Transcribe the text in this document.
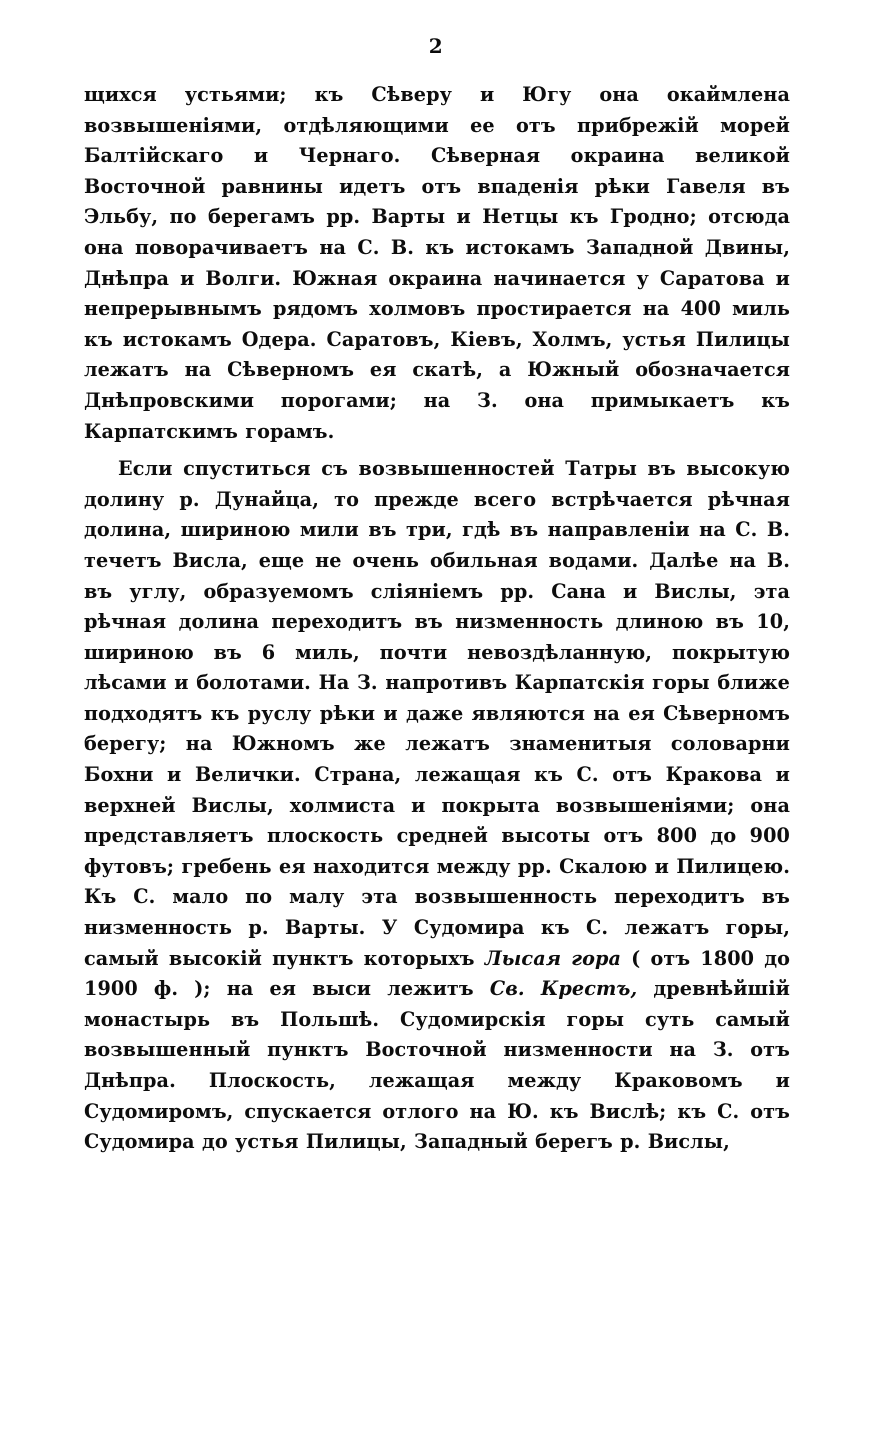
2

щихся устьями; къ Сѣверу и Югу она окаймлена возвышеніями, отдѣляющими ее отъ прибрежій морей Балтійскаго и Чернаго. Сѣверная окраина великой Восточной равнины идетъ отъ впаденія рѣки Гавеля въ Эльбу, по берегамъ рр. Варты и Нетцы къ Гродно; отсюда она поворачиваетъ на С. В. къ истокамъ Западной Двины, Днѣпра и Волги. Южная окраина начинается у Саратова и непрерывнымъ рядомъ холмовъ простирается на 400 миль къ истокамъ Одера. Саратовъ, Кіевъ, Холмъ, устья Пилицы лежатъ на Сѣверномъ ея скатѣ, а Южный обозначается Днѣпровскими порогами; на З. она примыкаетъ къ Карпатскимъ горамъ.

Если спуститься съ возвышенностей Татры въ высокую долину р. Дунайца, то прежде всего встрѣчается рѣчная долина, шириною мили въ три, гдѣ въ направленіи на С. В. течетъ Висла, еще не очень обильная водами. Далѣе на В. въ углу, образуемомъ сліяніемъ рр. Сана и Вислы, эта рѣчная долина переходитъ въ низменность длиною въ 10, шириною въ 6 миль, почти невоздѣланную, покрытую лѣсами и болотами. На З. напротивъ Карпатскія горы ближе подходятъ къ руслу рѣки и даже являются на ея Сѣверномъ берегу; на Южномъ же лежатъ знаменитыя соловарни Бохни и Велички. Страна, лежащая къ С. отъ Кракова и верхней Вислы, холмиста и покрыта возвышеніями; она представляетъ плоскость средней высоты отъ 800 до 900 футовъ; гребень ея находится между рр. Скалою и Пилицею. Къ С. мало по малу эта возвышенность переходитъ въ низменность р. Варты. У Судомира къ С. лежатъ горы, самый высокій пунктъ которыхъ Лысая гора ( отъ 1800 до 1900 ф. ); на ея выси лежитъ Св. Крестъ, древнѣйшій монастырь въ Польшѣ. Судомирскія горы суть самый возвышенный пунктъ Восточной низменности на З. отъ Днѣпра. Плоскость, лежащая между Краковомъ и Судомиромъ, спускается отлого на Ю. къ Вислѣ; къ С. отъ Судомира до устья Пилицы, Западный берегъ р. Вислы,
